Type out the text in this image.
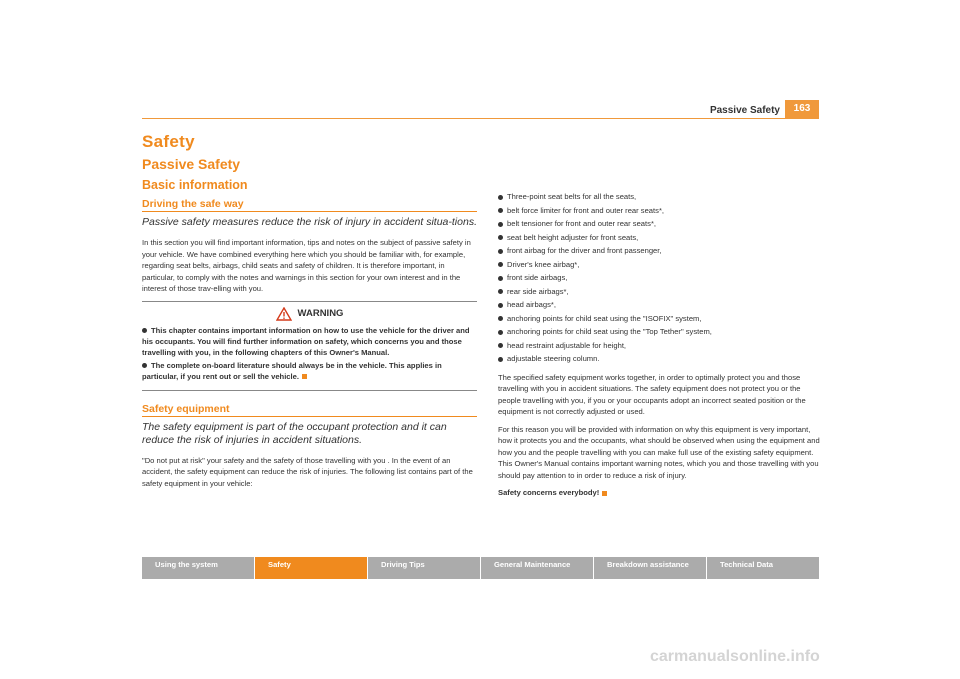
Passive Safety	163
Safety
Passive Safety
Basic information
Driving the safe way

Passive safety measures reduce the risk of injury in accident situa-tions.

In this section you will find important information, tips and notes on the subject of passive safety in your vehicle. We have combined everything here which you should be familiar with, for example, regarding seat belts, airbags, child seats and safety of children. It is therefore important, in particular, to comply with the notes and warnings in this section for your own interest and in the interest of those trav-elling with you.

WARNING

This chapter contains important information on how to use the vehicle for the driver and his occupants. You will find further information on safety, which concerns you and those travelling with you, in the following chapters of this Owner's Manual.

The complete on-board literature should always be in the vehicle. This applies in particular, if you rent out or sell the vehicle.

Safety equipment

The safety equipment is part of the occupant protection and it can reduce the risk of injuries in accident situations.

"Do not put at risk" your safety and the safety of those travelling with you . In the event of an accident, the safety equipment can reduce the risk of injuries. The following list contains part of the safety equipment in your vehicle:

Three-point seat belts for all the seats,
belt force limiter for front and outer rear seats*,
belt tensioner for front and outer rear seats*,
seat belt height adjuster for front seats,
front airbag for the driver and front passenger,
Driver's knee airbag*,
front side airbags,
rear side airbags*,
head airbags*,
anchoring points for child seat using the "ISOFIX" system,
anchoring points for child seat using the "Top Tether" system,
head restraint adjustable for height,
adjustable steering column.

The specified safety equipment works together, in order to optimally protect you and those travelling with you in accident situations. The safety equipment does not protect you or the people travelling with you, if you or your occupants adopt an incorrect seated position or the equipment is not correctly adjusted or used.

For this reason you will be provided with information on why this equipment is very important, how it protects you and the occupants, what should be observed when using the equipment and how you and the people travelling with you can make full use of the existing safety equipment. This Owner's Manual contains important warning notes, which you and those travelling with you should pay attention to in order to reduce a risk of injury.

Safety concerns everybody!

Using the system	Safety	Driving Tips	General Maintenance	Breakdown assistance	Technical Data
carmanualsonline.info
